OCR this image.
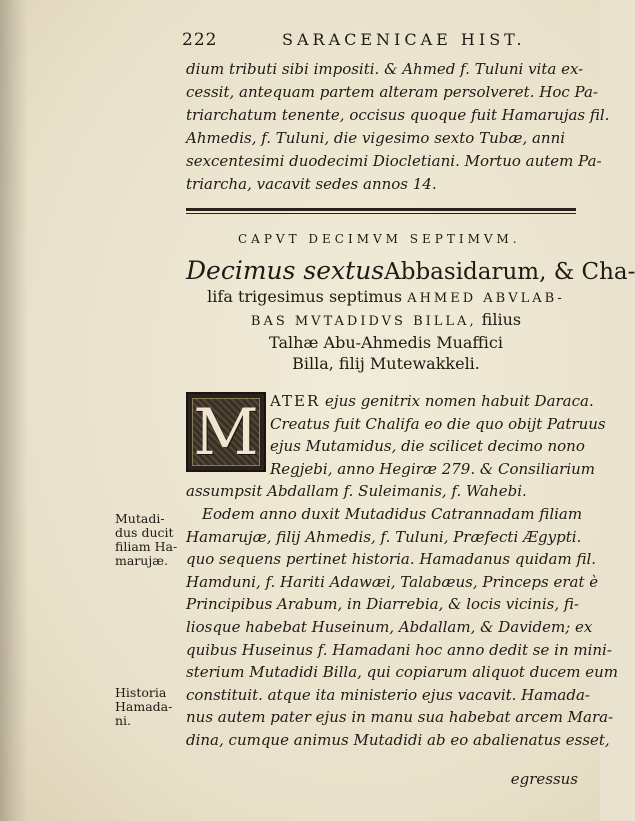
222	SARACENICAE HIST.
dium tributi sibi impositi. & Ahmed f. Tuluni vita ex-
cessit, antequam partem alteram persolveret. Hoc Pa-
triarchatum tenente, occisus quoque fuit Hamarujas fil.
Ahmedis, f. Tuluni, die vigesimo sexto Tubæ, anni
sexcentesimi duodecimi Diocletiani. Mortuo autem Pa-
triarcha, vacavit sedes annos 14.
CAPVT DECIMVM SEPTIMVM.
Decimus sextusAbbasidarum, & Cha-
lifa trigesimus septimus AHMED ABVLAB-
BAS MVTADIDVS BILLA, filius
Talhæ Abu-Ahmedis Muaffici
Billa, filij Mutewakkeli.
M ATER ejus genitrix nomen habuit Daraca.
Creatus fuit Chalifa eo die quo obijt Patruus
ejus Mutamidus, die scilicet decimo nono
Regjebi, anno Hegiræ 279. & Consiliarium
assumpsit Abdallam f. Suleimanis, f. Wahebi.
Eodem anno duxit Mutadidus Catrannadam filiam
Hamarujæ, filij Ahmedis, f. Tuluni, Præfecti Ægypti.
quo sequens pertinet historia. Hamadanus quidam fil.
Hamduni, f. Hariti Adawæi, Talabæus, Princeps erat è
Principibus Arabum, in Diarrebia, & locis vicinis, fi-
liosque habebat Huseinum, Abdallam, & Davidem; ex
quibus Huseinus f. Hamadani hoc anno dedit se in mini-
sterium Mutadidi Billa, qui copiarum aliquot ducem eum
constituit. atque ita ministerio ejus vacavit. Hamada-
nus autem pater ejus in manu sua habebat arcem Mara-
dina, cumque animus Mutadidi ab eo abalienatus esset,
egressus
Mutadi-
dus ducit
filiam Ha-
marujæ.
Historia
Hamada-
ni.
